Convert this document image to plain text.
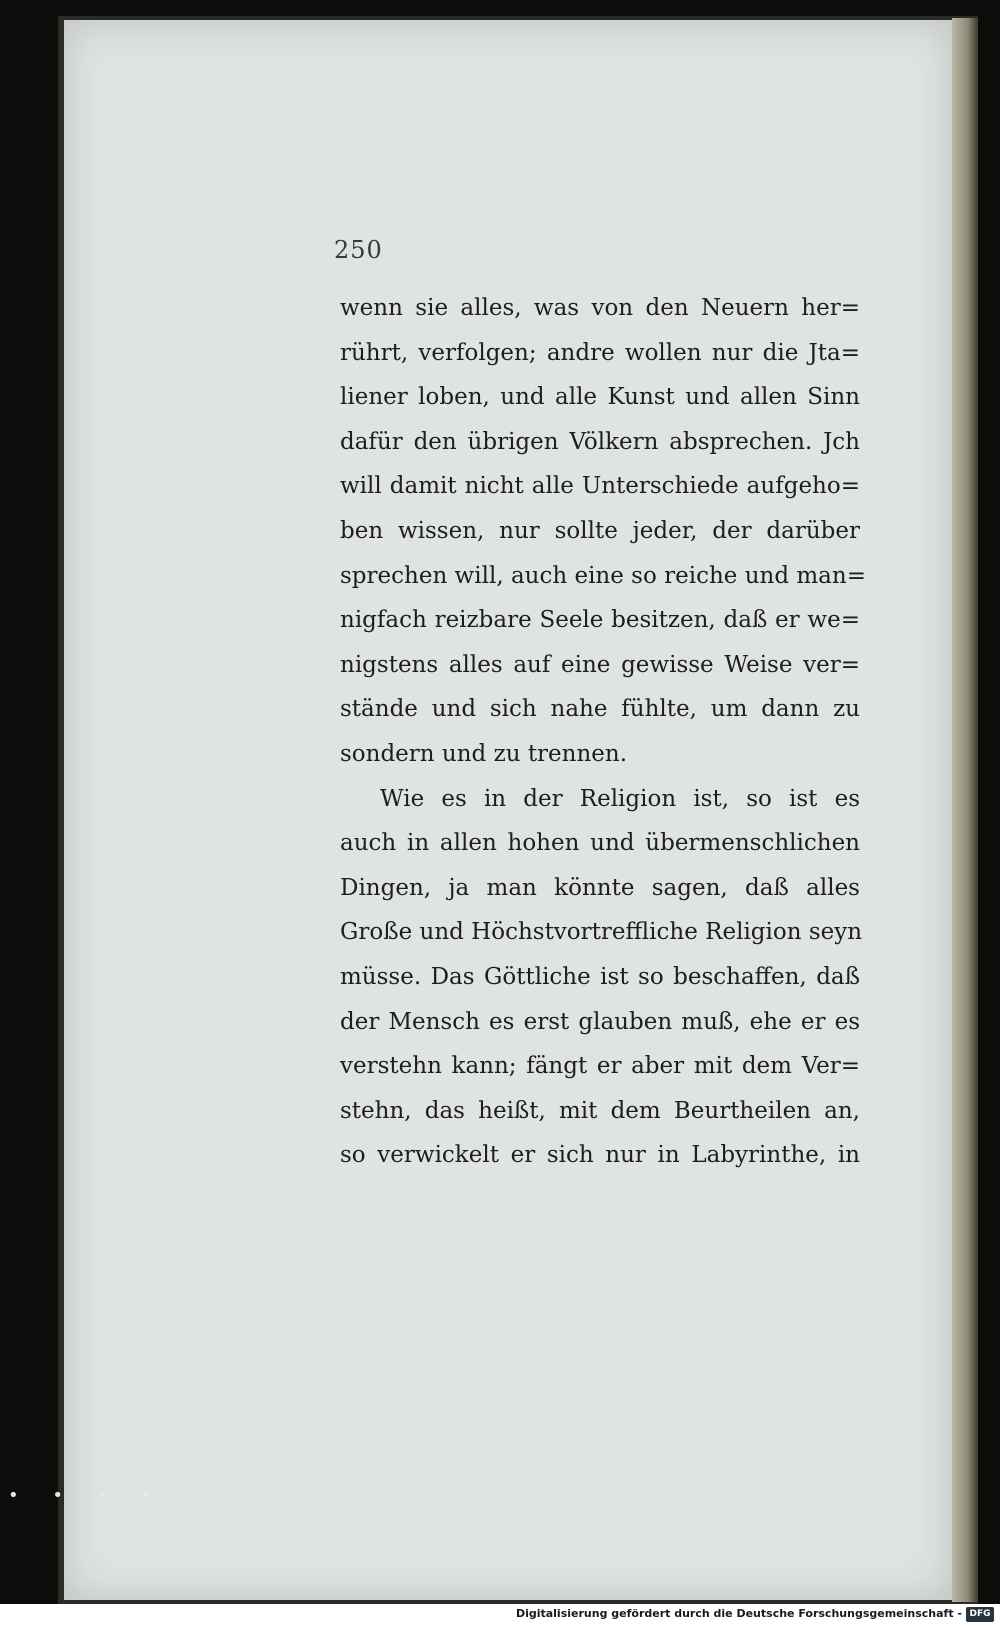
250
wenn sie alles, was von den Neuern her=
rührt, verfolgen; andre wollen nur die Jta=
liener loben, und alle Kunst und allen Sinn
dafür den übrigen Völkern absprechen. Jch
will damit nicht alle Unterschiede aufgeho=
ben wissen, nur sollte jeder, der darüber
sprechen will, auch eine so reiche und man=
nigfach reizbare Seele besitzen, daß er we=
nigstens alles auf eine gewisse Weise ver=
stände und sich nahe fühlte, um dann zu
sondern und zu trennen.
Wie es in der Religion ist, so ist es
auch in allen hohen und übermenschlichen
Dingen, ja man könnte sagen, daß alles
Große und Höchstvortreffliche Religion seyn
müsse. Das Göttliche ist so beschaffen, daß
der Mensch es erst glauben muß, ehe er es
verstehn kann; fängt er aber mit dem Ver=
stehn, das heißt, mit dem Beurtheilen an,
so verwickelt er sich nur in Labyrinthe, in
• • • •
Digitalisierung gefördert durch die Deutsche Forschungsgemeinschaft - DFG
